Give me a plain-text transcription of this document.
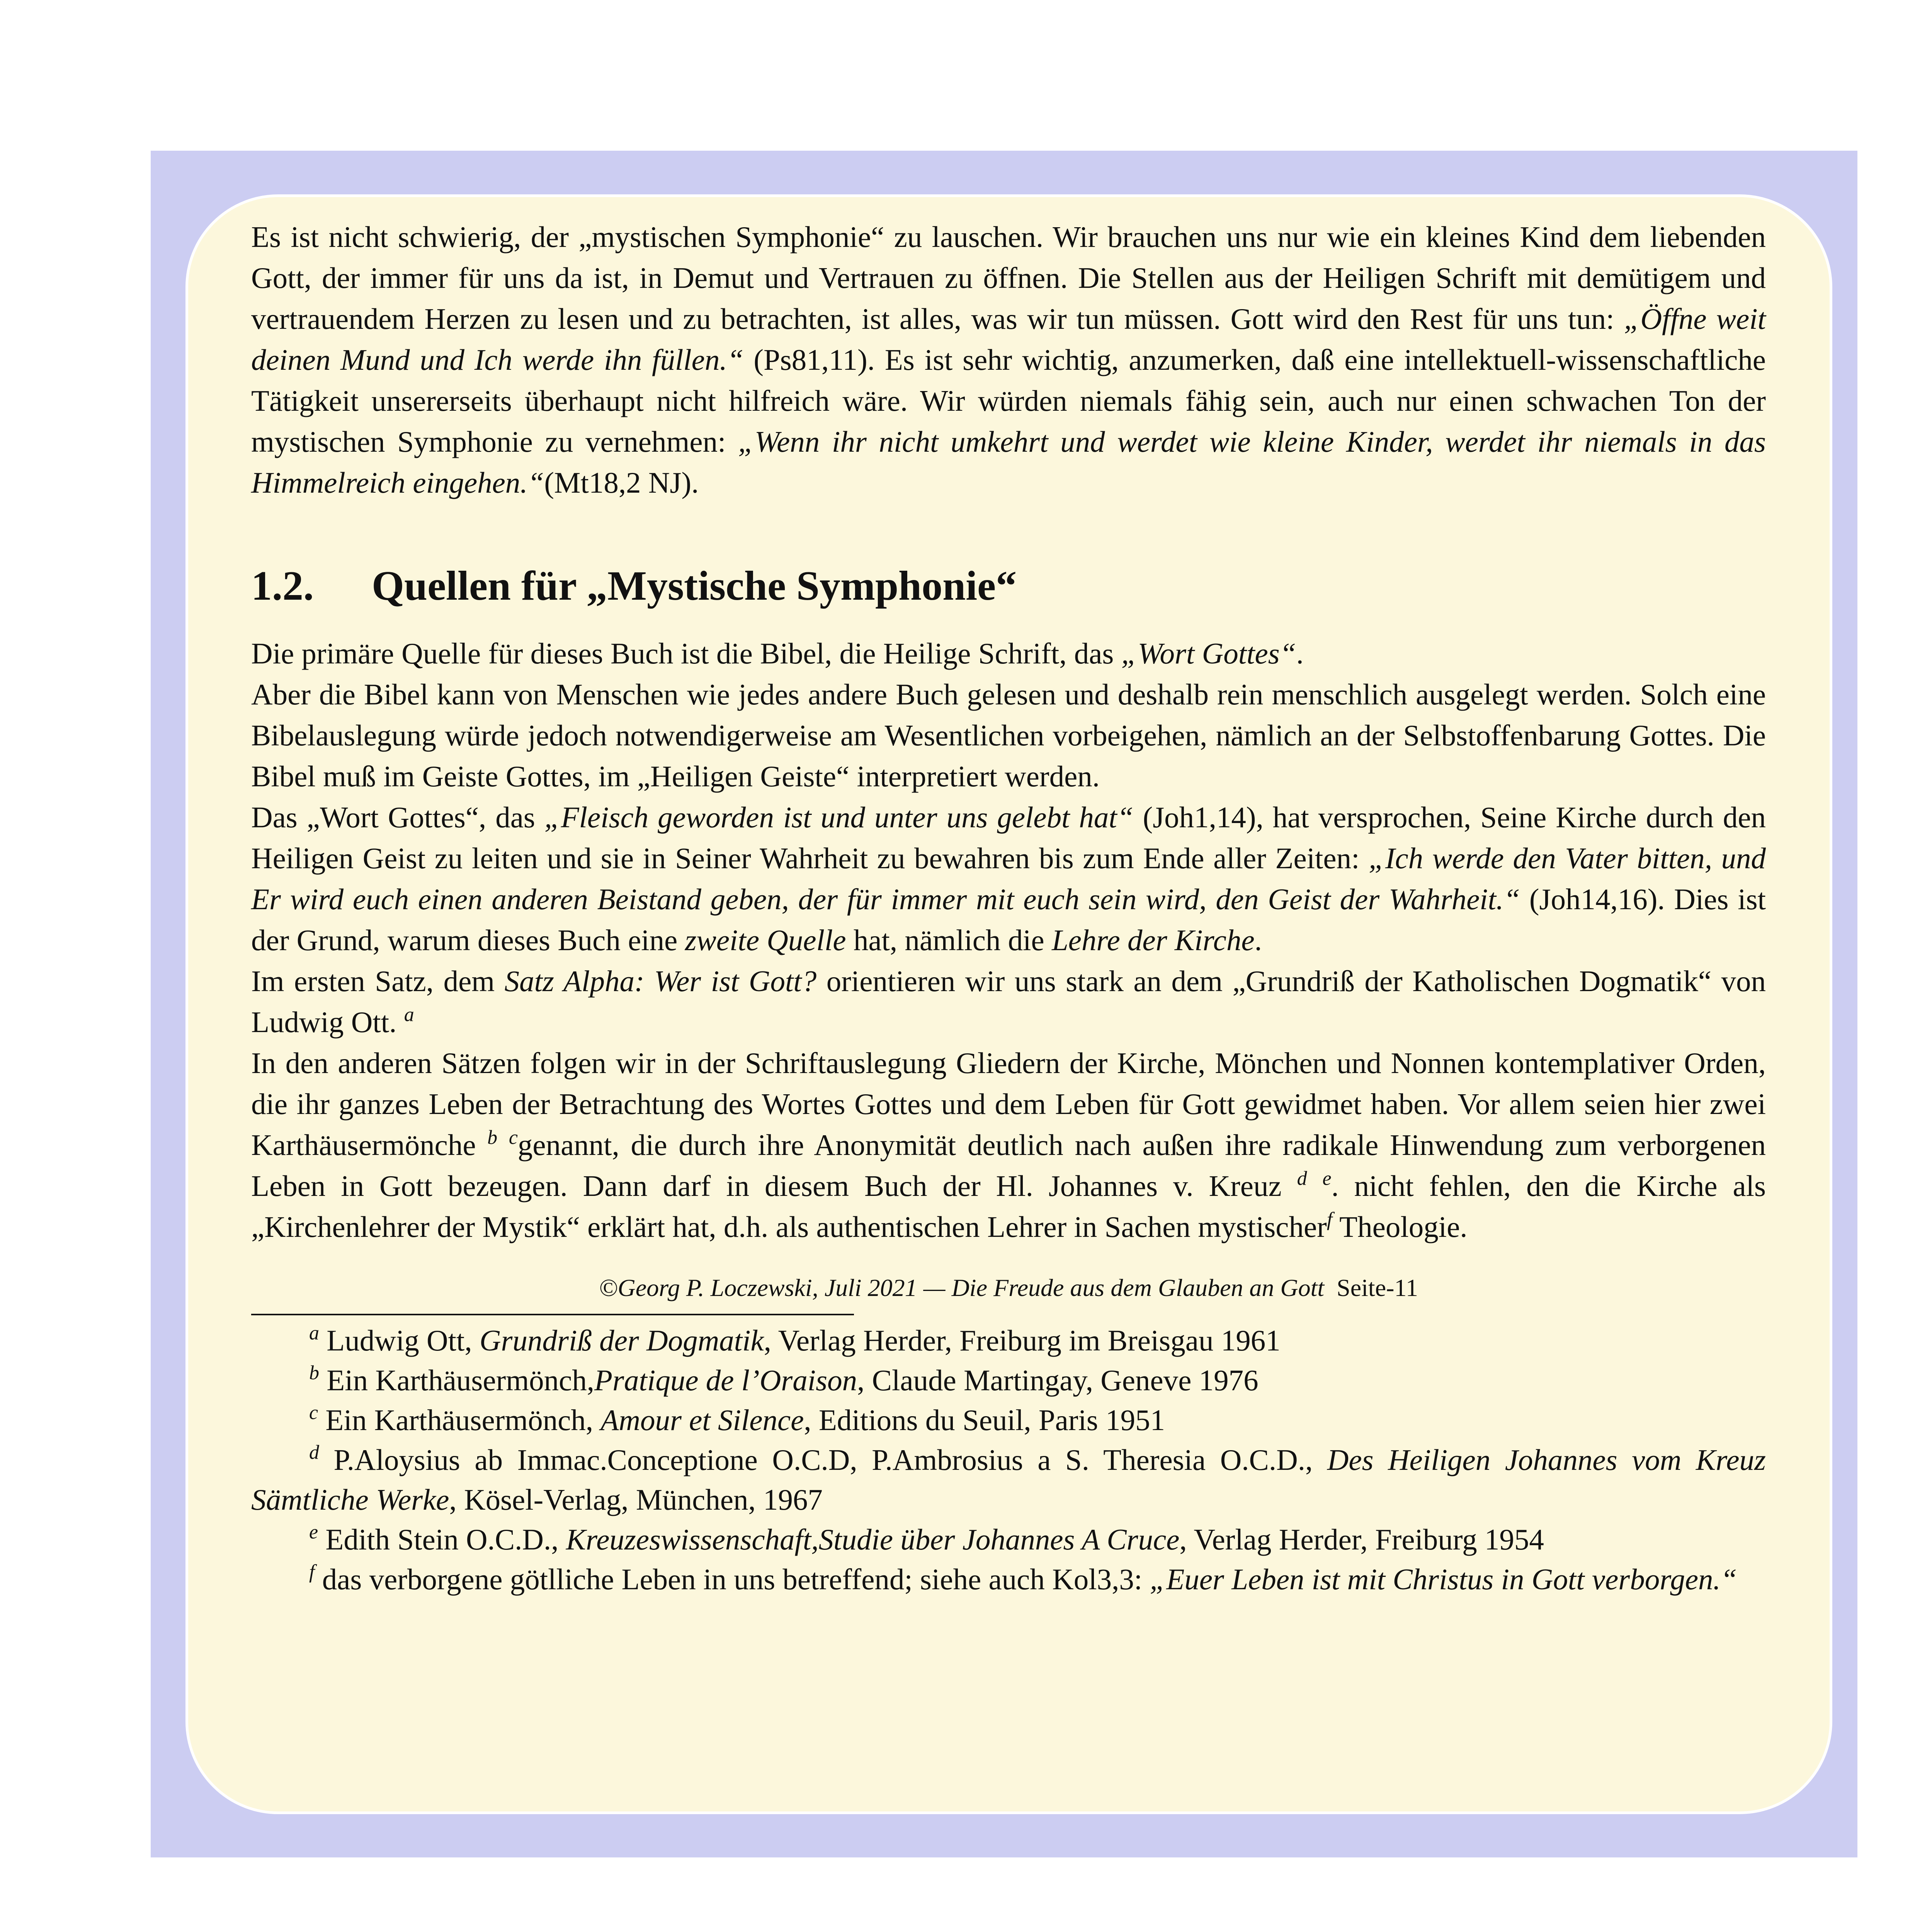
Es ist nicht schwierig, der „mystischen Symphonie“ zu lauschen. Wir brauchen uns nur wie ein kleines Kind dem liebenden Gott, der immer für uns da ist, in Demut und Vertrauen zu öffnen. Die Stellen aus der Heiligen Schrift mit demütigem und vertrauendem Herzen zu lesen und zu betrachten, ist alles, was wir tun müssen. Gott wird den Rest für uns tun: „Öffne weit deinen Mund und Ich werde ihn füllen.“ (Ps81,11). Es ist sehr wichtig, anzumerken, daß eine intellektuell-wissenschaftliche Tätigkeit unsererseits überhaupt nicht hilfreich wäre. Wir würden niemals fähig sein, auch nur einen schwachen Ton der mystischen Symphonie zu vernehmen: „Wenn ihr nicht umkehrt und werdet wie kleine Kinder, werdet ihr niemals in das Himmelreich eingehen.“(Mt18,2 NJ).

1.2.	Quellen für „Mystische Symphonie“

Die primäre Quelle für dieses Buch ist die Bibel, die Heilige Schrift, das „Wort Gottes“.

Aber die Bibel kann von Menschen wie jedes andere Buch gelesen und deshalb rein menschlich ausgelegt werden. Solch eine Bibelauslegung würde jedoch notwendigerweise am Wesentlichen vorbeigehen, nämlich an der Selbstoffenbarung Gottes. Die Bibel muß im Geiste Gottes, im „Heiligen Geiste“ interpretiert werden.

Das „Wort Gottes“, das „Fleisch geworden ist und unter uns gelebt hat“ (Joh1,14), hat versprochen, Seine Kirche durch den Heiligen Geist zu leiten und sie in Seiner Wahrheit zu bewahren bis zum Ende aller Zeiten: „Ich werde den Vater bitten, und Er wird euch einen anderen Beistand geben, der für immer mit euch sein wird, den Geist der Wahrheit.“ (Joh14,16). Dies ist der Grund, warum dieses Buch eine zweite Quelle hat, nämlich die Lehre der Kirche.

Im ersten Satz, dem Satz Alpha: Wer ist Gott? orientieren wir uns stark an dem „Grundriß der Katholischen Dogmatik“ von Ludwig Ott. $^a$

In den anderen Sätzen folgen wir in der Schriftauslegung Gliedern der Kirche, Mönchen und Nonnen kontemplativer Orden, die ihr ganzes Leben der Betrachtung des Wortes Gottes und dem Leben für Gott gewidmet haben. Vor allem seien hier zwei Karthäusermönche $^b$ $^c$genannt, die durch ihre Anonymität deutlich nach außen ihre radikale Hinwendung zum verborgenen Leben in Gott bezeugen. Dann darf in diesem Buch der Hl. Johannes v. Kreuz $^d$ $^e$. nicht fehlen, den die Kirche als „Kirchenlehrer der Mystik“ erklärt hat, d.h. als authentischen Lehrer in Sachen mystischer$^f$ Theologie.

©Georg P. Loczewski, Juli 2021 — Die Freude aus dem Glauben an Gott Seite-11

$^a$ Ludwig Ott, Grundriß der Dogmatik, Verlag Herder, Freiburg im Breisgau 1961

$^b$ Ein Karthäusermönch,Pratique de l’Oraison, Claude Martingay, Geneve 1976

$^c$ Ein Karthäusermönch, Amour et Silence, Editions du Seuil, Paris 1951

$^d$ P.Aloysius ab Immac.Conceptione O.C.D, P.Ambrosius a S. Theresia O.C.D., Des Heiligen Johannes vom Kreuz Sämtliche Werke, Kösel-Verlag, München, 1967

$^e$ Edith Stein O.C.D., Kreuzeswissenschaft,Studie über Johannes A Cruce, Verlag Herder, Freiburg 1954

$^f$ das verborgene götlliche Leben in uns betreffend; siehe auch Kol3,3: „Euer Leben ist mit Christus in Gott verborgen.“
